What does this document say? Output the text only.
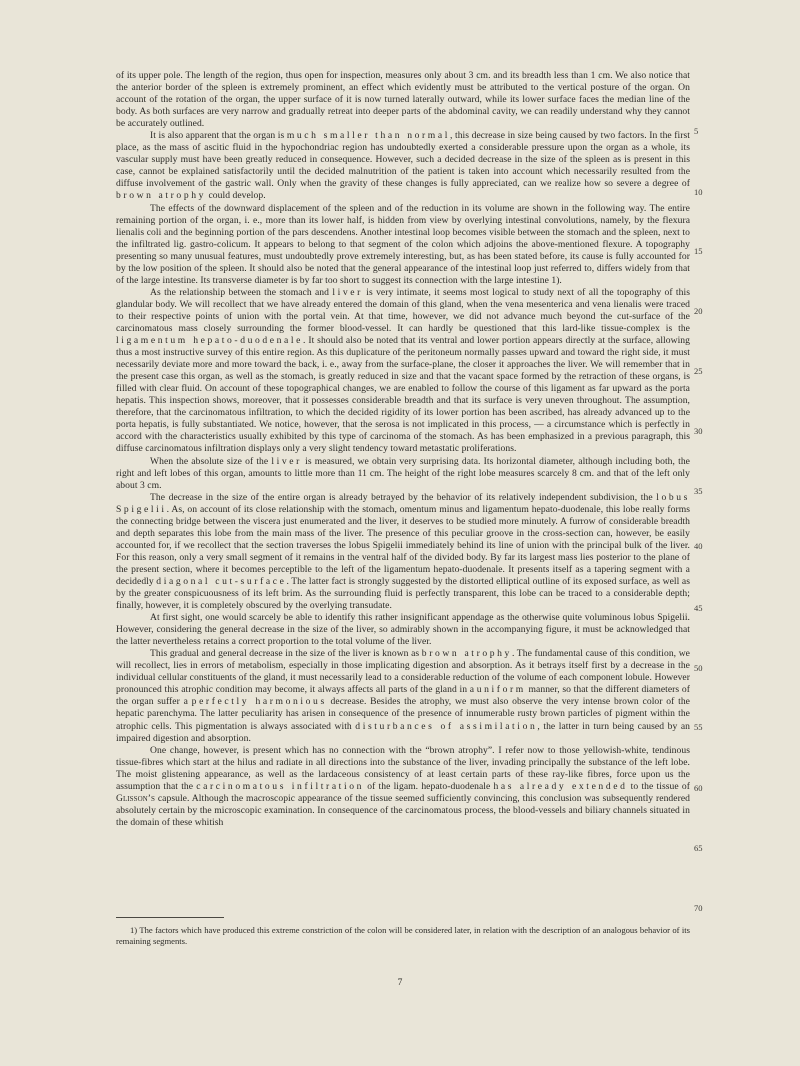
of its upper pole. The length of the region, thus open for inspection, measures only about 3 cm. and its breadth less than 1 cm. We also notice that the anterior border of the spleen is extremely prominent, an effect which evidently must be attributed to the vertical posture of the organ. On account of the rotation of the organ, the upper surface of it is now turned laterally outward, while its lower surface faces the median line of the body. As both surfaces are very narrow and gradually retreat into deeper parts of the abdominal cavity, we can readily understand why they cannot be accurately outlined.

It is also apparent that the organ is much smaller than normal, this decrease in size being caused by two factors. In the first place, as the mass of ascitic fluid in the hypochondriac region has undoubtedly exerted a considerable pressure upon the organ as a whole, its vascular supply must have been greatly reduced in consequence. However, such a decided decrease in the size of the spleen as is present in this case, cannot be explained satisfactorily until the decided malnutrition of the patient is taken into account which necessarily resulted from the diffuse involvement of the gastric wall. Only when the gravity of these changes is fully appreciated, can we realize how so severe a degree of brown atrophy could develop.

The effects of the downward displacement of the spleen and of the reduction in its volume are shown in the following way. The entire remaining portion of the organ, i. e., more than its lower half, is hidden from view by overlying intestinal convolutions, namely, by the flexura lienalis coli and the beginning portion of the pars descendens. Another intestinal loop becomes visible between the stomach and the spleen, next to the infiltrated lig. gastro-colicum. It appears to belong to that segment of the colon which adjoins the above-mentioned flexure. A topography presenting so many unusual features, must undoubtedly prove extremely interesting, but, as has been stated before, its cause is fully accounted for by the low position of the spleen. It should also be noted that the general appearance of the intestinal loop just referred to, differs widely from that of the large intestine. Its transverse diameter is by far too short to suggest its connection with the large intestine 1).

As the relationship between the stomach and liver is very intimate, it seems most logical to study next of all the topography of this glandular body. We will recollect that we have already entered the domain of this gland, when the vena mesenterica and vena lienalis were traced to their respective points of union with the portal vein. At that time, however, we did not advance much beyond the cut-surface of the carcinomatous mass closely surrounding the former blood-vessel. It can hardly be questioned that this lard-like tissue-complex is the ligamentum hepato-duodenale. It should also be noted that its ventral and lower portion appears directly at the surface, allowing thus a most instructive survey of this entire region. As this duplicature of the peritoneum normally passes upward and toward the right side, it must necessarily deviate more and more toward the back, i. e., away from the surface-plane, the closer it approaches the liver. We will remember that in the present case this organ, as well as the stomach, is greatly reduced in size and that the vacant space formed by the retraction of these organs, is filled with clear fluid. On account of these topographical changes, we are enabled to follow the course of this ligament as far upward as the porta hepatis. This inspection shows, moreover, that it possesses considerable breadth and that its surface is very uneven throughout. The assumption, therefore, that the carcinomatous infiltration, to which the decided rigidity of its lower portion has been ascribed, has already advanced up to the porta hepatis, is fully substantiated. We notice, however, that the serosa is not implicated in this process, — a circumstance which is perfectly in accord with the characteristics usually exhibited by this type of carcinoma of the stomach. As has been emphasized in a previous paragraph, this diffuse carcinomatous infiltration displays only a very slight tendency toward metastatic proliferations.

When the absolute size of the liver is measured, we obtain very surprising data. Its horizontal diameter, although including both, the right and left lobes of this organ, amounts to little more than 11 cm. The height of the right lobe measures scarcely 8 cm. and that of the left only about 3 cm.

The decrease in the size of the entire organ is already betrayed by the behavior of its relatively independent subdivision, the lobus Spigelii. As, on account of its close relationship with the stomach, omentum minus and ligamentum hepato-duodenale, this lobe really forms the connecting bridge between the viscera just enumerated and the liver, it deserves to be studied more minutely. A furrow of considerable breadth and depth separates this lobe from the main mass of the liver. The presence of this peculiar groove in the cross-section can, however, be easily accounted for, if we recollect that the section traverses the lobus Spigelii immediately behind its line of union with the principal bulk of the liver. For this reason, only a very small segment of it remains in the ventral half of the divided body. By far its largest mass lies posterior to the plane of the present section, where it becomes perceptible to the left of the ligamentum hepato-duodenale. It presents itself as a tapering segment with a decidedly diagonal cut-surface. The latter fact is strongly suggested by the distorted elliptical outline of its exposed surface, as well as by the greater conspicuousness of its left brim. As the surrounding fluid is perfectly transparent, this lobe can be traced to a considerable depth; finally, however, it is completely obscured by the overlying transudate.

At first sight, one would scarcely be able to identify this rather insignificant appendage as the otherwise quite voluminous lobus Spigelii. However, considering the general decrease in the size of the liver, so admirably shown in the accompanying figure, it must be acknowledged that the latter nevertheless retains a correct proportion to the total volume of the liver.

This gradual and general decrease in the size of the liver is known as brown atrophy. The fundamental cause of this condition, we will recollect, lies in errors of metabolism, especially in those implicating digestion and absorption. As it betrays itself first by a decrease in the individual cellular constituents of the gland, it must necessarily lead to a considerable reduction of the volume of each component lobule. However pronounced this atrophic condition may become, it always affects all parts of the gland in a uniform manner, so that the different diameters of the organ suffer a perfectly harmonious decrease. Besides the atrophy, we must also observe the very intense brown color of the hepatic parenchyma. The latter peculiarity has arisen in consequence of the presence of innumerable rusty brown particles of pigment within the atrophic cells. This pigmentation is always associated with disturbances of assimilation, the latter in turn being caused by an impaired digestion and absorption.

One change, however, is present which has no connection with the “brown atrophy”. I refer now to those yellowish-white, tendinous tissue-fibres which start at the hilus and radiate in all directions into the substance of the liver, invading principally the substance of the left lobe. The moist glistening appearance, as well as the lardaceous consistency of at least certain parts of these ray-like fibres, force upon us the assumption that the carcinomatous infiltration of the ligam. hepato-duodenale has already extended to the tissue of Glisson’s capsule. Although the macroscopic appearance of the tissue seemed sufficiently convincing, this conclusion was subsequently rendered absolutely certain by the microscopic examination. In consequence of the carcinomatous process, the blood-vessels and biliary channels situated in the domain of these whitish

5
10
15
20
25
30
35
40
45
50
55
60
65
70

1) The factors which have produced this extreme constriction of the colon will be considered later, in relation with the description of an analogous behavior of its remaining segments.

7
